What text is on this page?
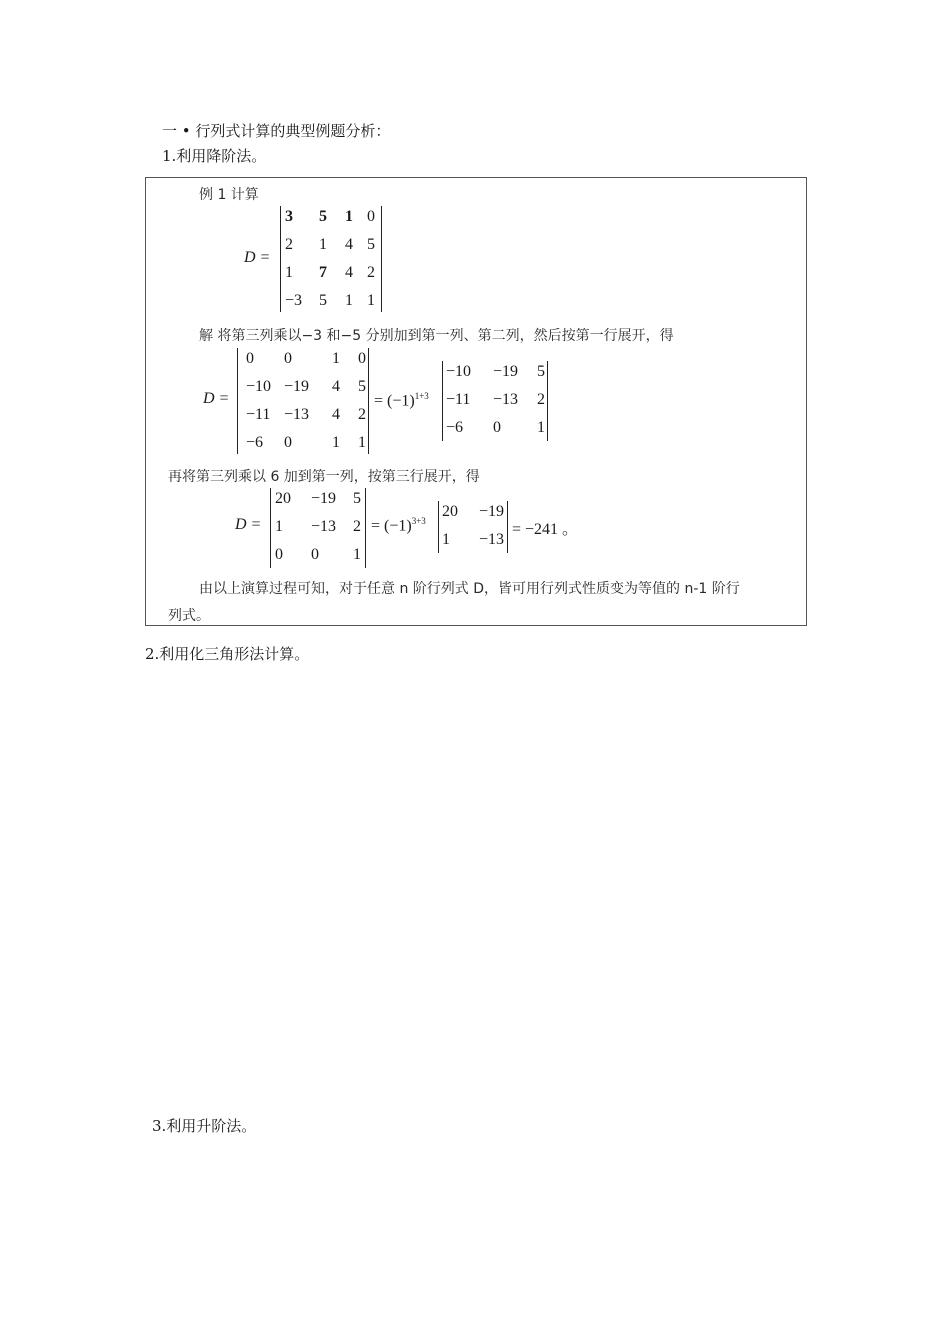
一 • 行列式计算的典型例题分析：
1.利用降阶法。
例 1 计算
D =
3 5 1 0
2 1 4 5
1 7 4 2
−3 5 1 1
解 将第三列乘以−3 和−5 分别加到第一列、第二列，然后按第一行展开，得
D =
0 0	1 0
−10 −19 4 5
−11 −13 4 2
−6 0	1 1
= $(-1)^{1+3}$
−10 −19 5
−11 −13 2
−6 0 1
再将第三列乘以 6 加到第一列，按第三行展开，得
D =
20 −19 5
1 −13 2
0 0 1
= $(-1)^{3+3}$
20 −19
1 −13
= −241 。
由以上演算过程可知，对于任意 n 阶行列式 D，皆可用行列式性质变为等值的 n-1 阶行
列式。
2.利用化三角形法计算。
3.利用升阶法。
